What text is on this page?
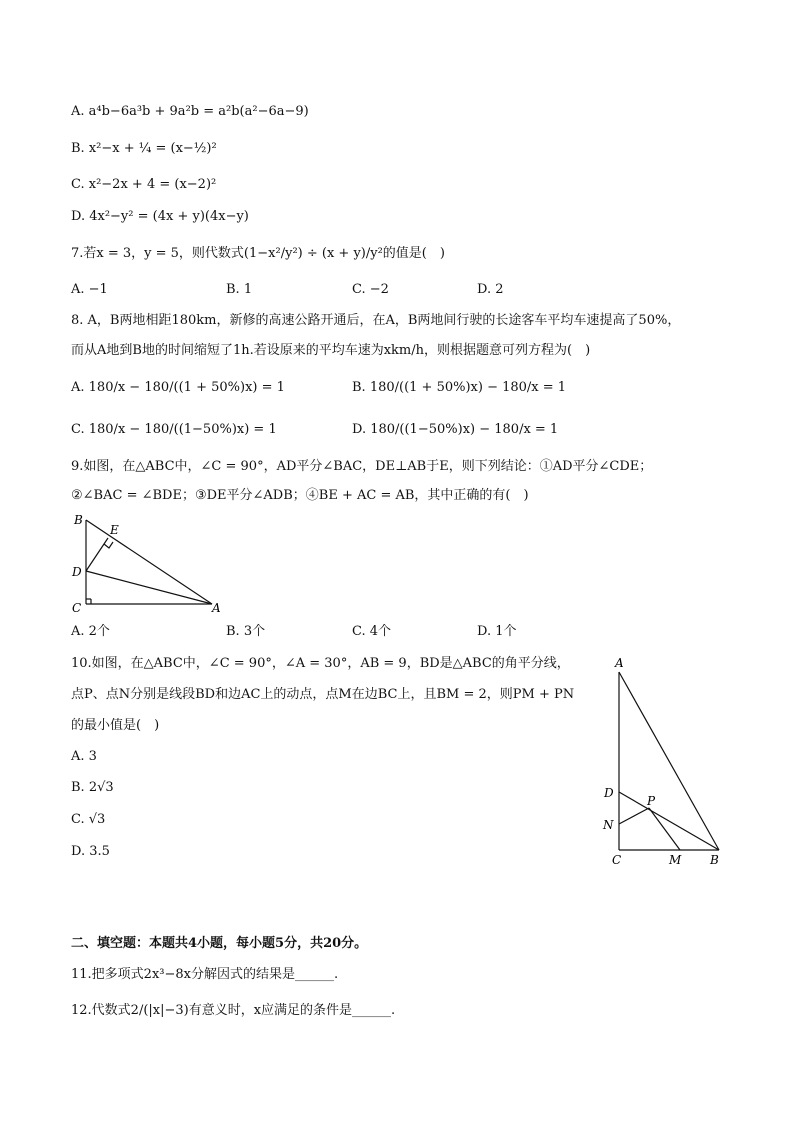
A. a⁴b−6a³b + 9a²b = a²b(a²−6a−9)
B. x²−x + ¼ = (x−½)²
C. x²−2x + 4 = (x−2)²
D. 4x²−y² = (4x + y)(4x−y)
7.若x = 3，y = 5，则代数式(1−x²/y²) ÷ (x + y)/y²的值是(　)
A. −1	B. 1	C. −2	D. 2
8. A，B两地相距180km，新修的高速公路开通后，在A，B两地间行驶的长途客车平均车速提高了50%，
而从A地到B地的时间缩短了1h.若设原来的平均车速为xkm/h，则根据题意可列方程为(　)
A. 180/x − 180/((1 + 50%)x) = 1	B. 180/((1 + 50%)x) − 180/x = 1
C. 180/x − 180/((1−50%)x) = 1	D. 180/((1−50%)x) − 180/x = 1
9.如图，在△ABC中，∠C = 90°，AD平分∠BAC，DE⊥AB于E，则下列结论：①AD平分∠CDE；
②∠BAC = ∠BDE；③DE平分∠ADB；④BE + AC = AB，其中正确的有(　)
B
E
D
C	A
A. 2个	B. 3个	C. 4个	D. 1个
10.如图，在△ABC中，∠C = 90°，∠A = 30°，AB = 9，BD是△ABC的角平分线，
点P、点N分别是线段BD和边AC上的动点，点M在边BC上，且BM = 2，则PM + PN
的最小值是(　)
A. 3
B. 2√3
C. √3
D. 3.5
A
D
P
N
C	M B
二、填空题：本题共4小题，每小题5分，共20分。
11.把多项式2x³−8x分解因式的结果是______.
12.代数式2/(|x|−3)有意义时，x应满足的条件是______.
